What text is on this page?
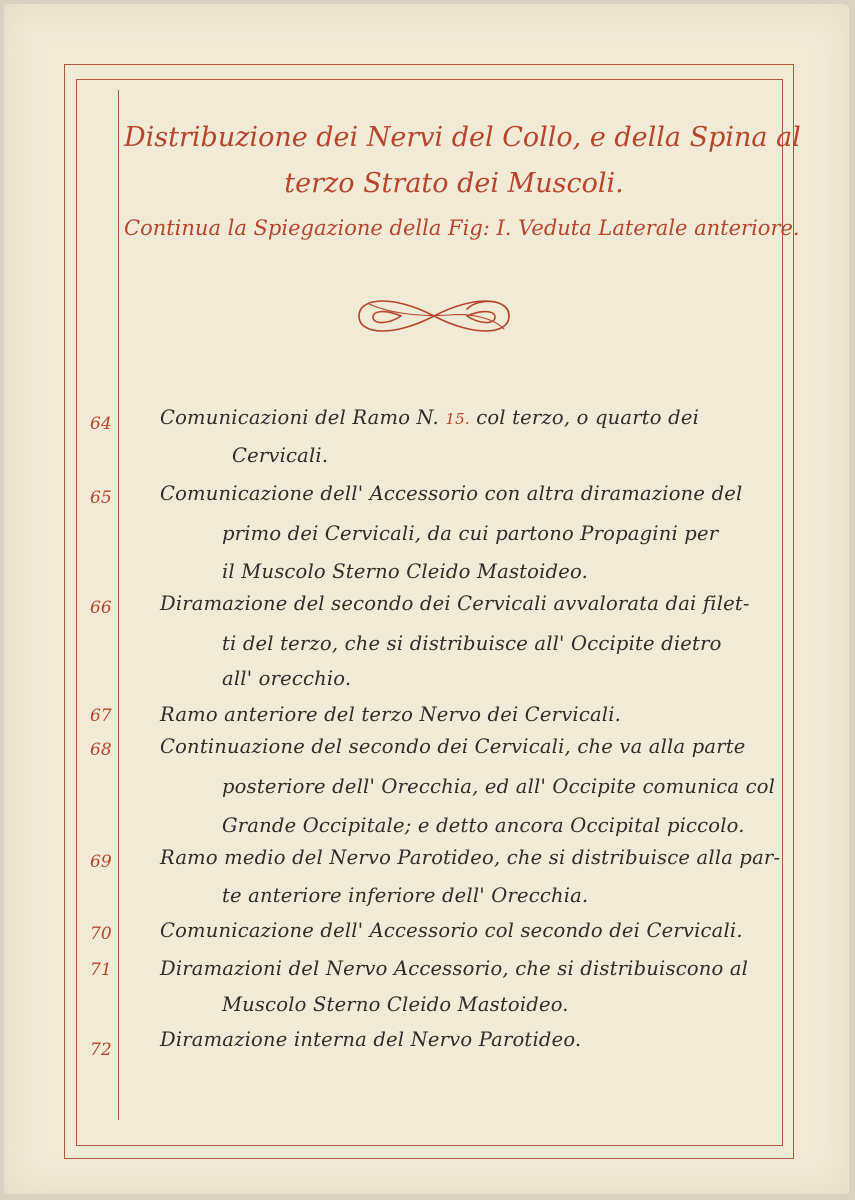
Distribuzione dei Nervi del Collo, e della Spina al
terzo Strato dei Muscoli.
Continua la Spiegazione della Fig: I. Veduta Laterale anteriore.
64	Comunicazioni del Ramo N. 15. col terzo, o quarto dei
Cervicali.
65	Comunicazione dell' Accessorio con altra diramazione del
primo dei Cervicali, da cui partono Propagini per
il Muscolo Sterno Cleido Mastoideo.
66	Diramazione del secondo dei Cervicali avvalorata dai filet-
ti del terzo, che si distribuisce all' Occipite dietro
all' orecchio.
67	Ramo anteriore del terzo Nervo dei Cervicali.
68	Continuazione del secondo dei Cervicali, che va alla parte
posteriore dell' Orecchia, ed all' Occipite comunica col
Grande Occipitale; e detto ancora Occipital piccolo.
69	Ramo medio del Nervo Parotideo, che si distribuisce alla par-
te anteriore inferiore dell' Orecchia.
70	Comunicazione dell' Accessorio col secondo dei Cervicali.
71	Diramazioni del Nervo Accessorio, che si distribuiscono al
Muscolo Sterno Cleido Mastoideo.
72	Diramazione interna del Nervo Parotideo.
